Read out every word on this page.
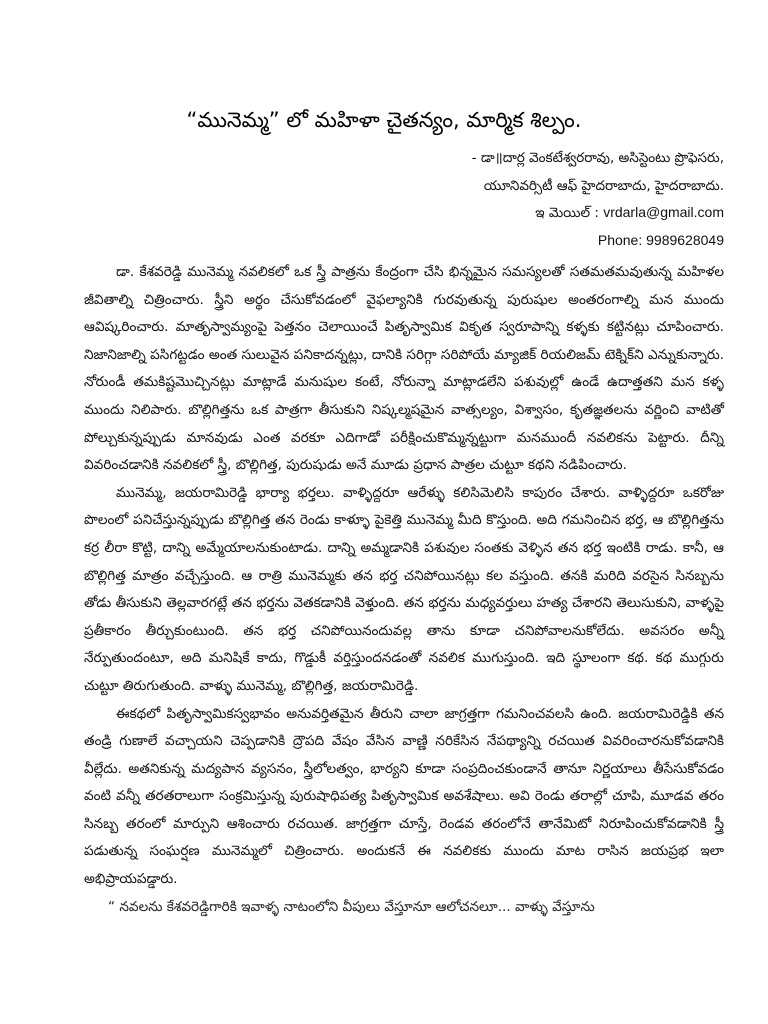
“మునెమ్మ” లో మహిళా చైతన్యం, మార్మిక శిల్పం.
- డా॥దార్ల వెంకటేశ్వరరావు, అసిస్టెంటు ప్రొఫెసరు,
యూనివర్సిటీ ఆఫ్ హైదరాబాదు, హైదరాబాదు.
ఇ మెయిల్ : vrdarla@gmail.com
Phone: 9989628049

డా. కేశవరెడ్డి మునెమ్మ నవలికలో ఒక స్త్రీ పాత్రను కేంద్రంగా చేసి భిన్నమైన సమస్యలతో సతమతమవుతున్న మహిళల జీవితాల్ని చిత్రించారు. స్త్రీని అర్థం చేసుకోవడంలో వైఫల్యానికి గురవుతున్న పురుషుల అంతరంగాల్ని మన ముందు ఆవిష్కరించారు. మాతృస్వామ్యంపై పెత్తనం చెలాయించే పితృస్వామిక వికృత స్వరూపాన్ని కళ్ళకు కట్టినట్లు చూపించారు. నిజానిజాల్ని పసిగట్టడం అంత సులువైన పనికాదన్నట్లు, దానికి సరిగ్గా సరిపోయే మ్యాజిక్ రియలిజమ్ టెక్నిక్‌ని ఎన్నుకున్నారు. నోరుండీ తమకిష్టమొచ్చినట్లు మాట్లాడే మనుషుల కంటే, నోరున్నా మాట్లాడలేని పశువుల్లో ఉండే ఉదాత్తతని మన కళ్ళ ముందు నిలిపారు. బొల్లిగిత్తను ఒక పాత్రగా తీసుకుని నిష్కల్మషమైన వాత్సల్యం, విశ్వాసం, కృతజ్ఞతలను వర్ణించి వాటితో పోల్చుకున్నప్పుడు మానవుడు ఎంత వరకూ ఎదిగాడో పరీక్షించుకొమ్మన్నట్టుగా మనముందీ నవలికను పెట్టారు. దీన్ని వివరించడానికి నవలికలో స్త్రీ, బొల్లిగిత్త, పురుషుడు అనే మూడు ప్రధాన పాత్రల చుట్టూ కథని నడిపించారు.

మునెమ్మ, జయరామిరెడ్డి భార్యా భర్తలు. వాళ్ళిద్దరూ ఆరేళ్ళు కలిసిమెలిసి కాపురం చేశారు. వాళ్ళిద్దరూ ఒకరోజు పొలంలో పనిచేస్తున్నప్పుడు బొల్లిగిత్త తన రెండు కాళ్ళూ పైకెత్తి మునెమ్మ మీది కొస్తుంది. అది గమనించిన భర్త, ఆ బొల్లిగిత్తను కర్ర లీరా కొట్టి, దాన్ని అమ్మేయాలనుకుంటాడు. దాన్ని అమ్మడానికి పశువుల సంతకు వెళ్ళిన తన భర్త ఇంటికి రాడు. కానీ, ఆ బొల్లిగిత్త మాత్రం వచ్చేస్తుంది. ఆ రాత్రి మునెమ్మకు తన భర్త చనిపోయినట్లు కల వస్తుంది. తనకి మరిది వరసైన సినబ్బను తోడు తీసుకుని తెల్లవారగట్లే తన భర్తను వెతకడానికి వెళ్తుంది. తన భర్తను మధ్యవర్తులు హత్య చేశారని తెలుసుకుని, వాళ్ళపై ప్రతీకారం తీర్చుకుంటుంది. తన భర్త చనిపోయినందువల్ల తాను కూడా చనిపోవాలనుకోలేదు. అవసరం అన్నీ నేర్పుతుందంటూ, అది మనిషికే కాదు, గొడ్డుకీ వర్తిస్తుందనడంతో నవలిక ముగుస్తుంది. ఇది స్థూలంగా కథ. కథ ముగ్గురు చుట్టూ తిరుగుతుంది. వాళ్ళు మునెమ్మ, బొల్లిగిత్త, జయరామిరెడ్డి.

ఈకథలో పితృస్వామికస్వభావం అనువర్తితమైన తీరుని చాలా జాగ్రత్తగా గమనించవలసి ఉంది. జయరామిరెడ్డికి తన తండ్రి గుణాలే వచ్చాయని చెప్పడానికి ద్రౌపది వేషం వేసిన వాణ్ణి నరికేసిన నేపథ్యాన్ని రచయిత వివరించారనుకోవడానికి వీల్లేదు. అతనికున్న మద్యపాన వ్యసనం, స్త్రీలోలత్వం, భార్యని కూడా సంప్రదించకుండానే తానూ నిర్ణయాలు తీసేసుకోవడం వంటి వన్నీ తరతరాలుగా సంక్రమిస్తున్న పురుషాధిపత్య పితృస్వామిక అవశేషాలు. అవి రెండు తరాల్లో చూపి, మూడవ తరం సినబ్బ తరంలో మార్పుని ఆశించారు రచయిత. జాగ్రత్తగా చూస్తే, రెండవ తరంలోనే తానేమిటో నిరూపించుకోవడానికి స్త్రీ పడుతున్న సంఘర్షణ మునెమ్మలో చిత్రించారు. అందుకనే ఈ నవలికకు ముందు మాట రాసిన జయప్రభ ఇలా అభిప్రాయపడ్డారు.

“ నవలను కేశవరెడ్డిగారికి ఇవాళ్ళ నాటంలోని వీపులు వేస్తూనూ ఆలోచనలూ... వాళ్ళు వేస్తూను
